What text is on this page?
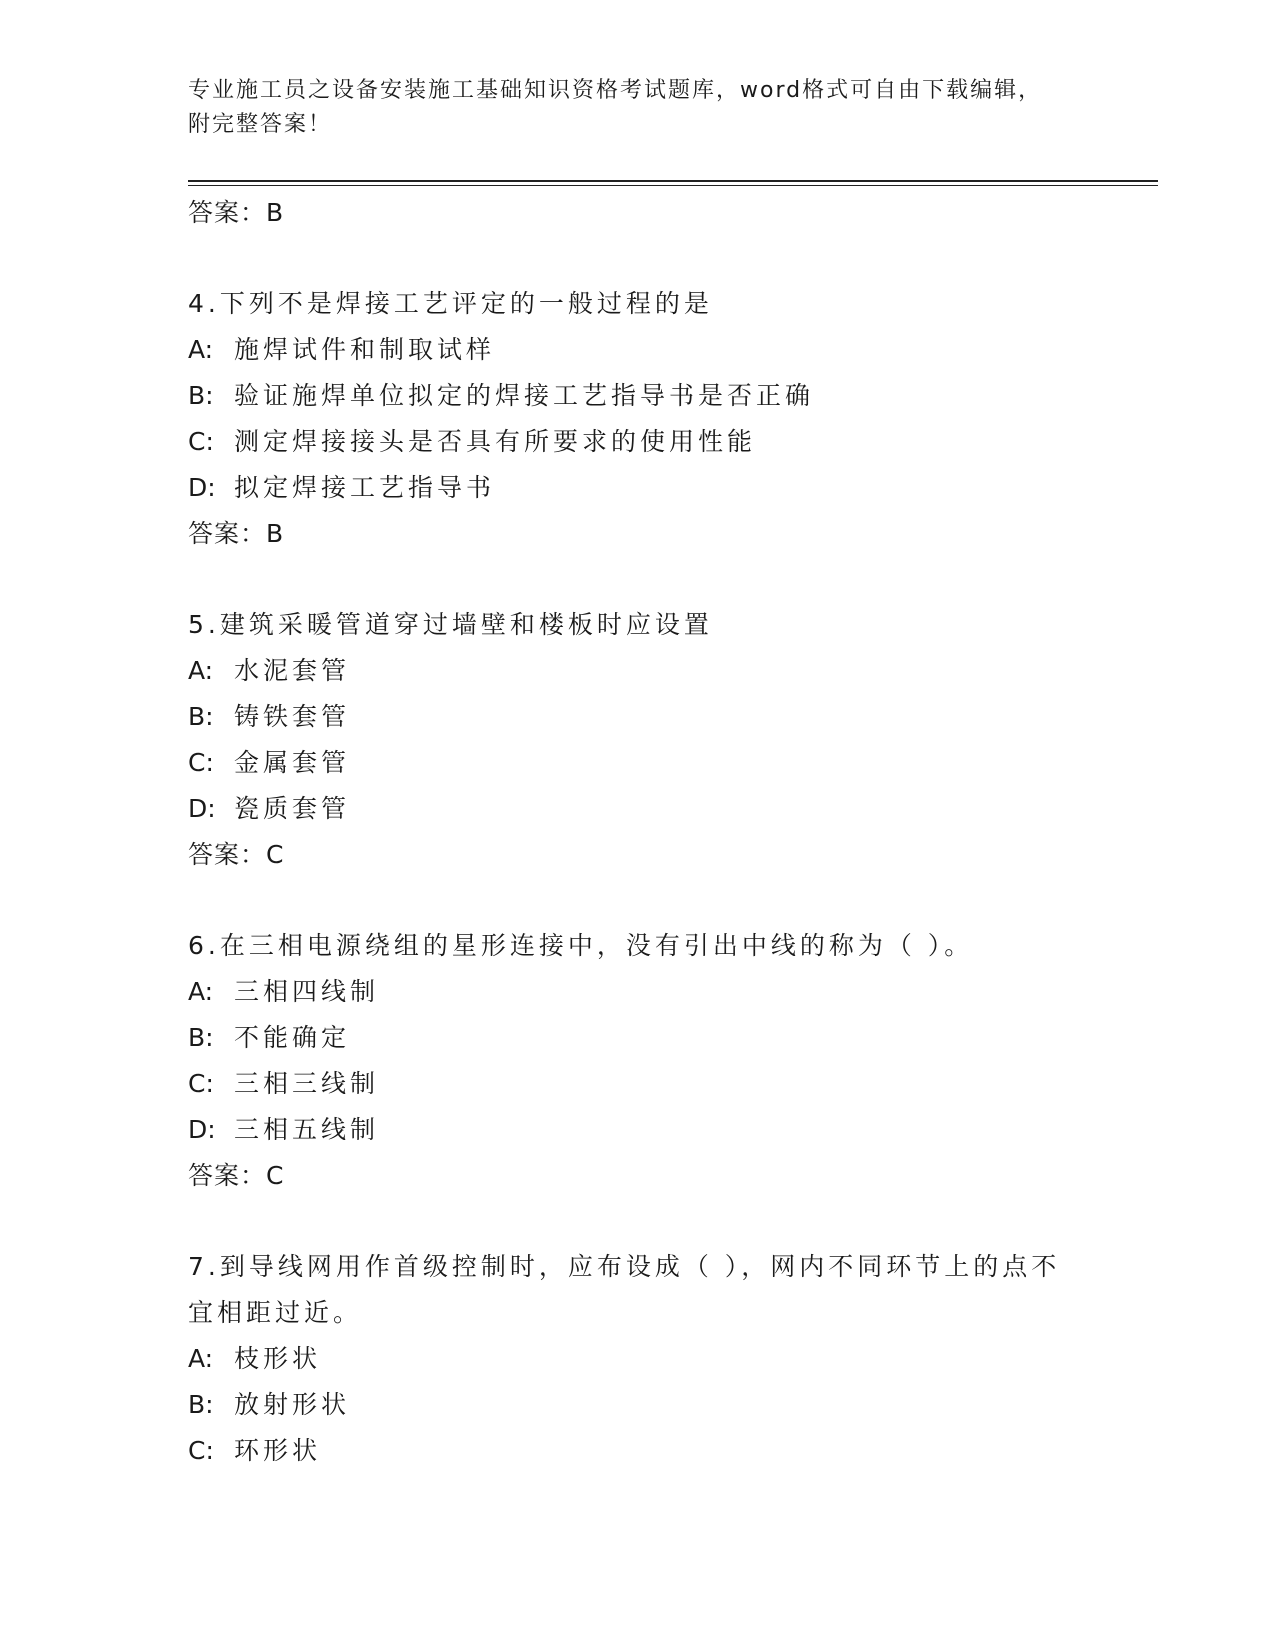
专业施工员之设备安装施工基础知识资格考试题库，word格式可自由下载编辑，
附完整答案！
答案：B
4.下列不是焊接工艺评定的一般过程的是
A: 施焊试件和制取试样
B: 验证施焊单位拟定的焊接工艺指导书是否正确
C: 测定焊接接头是否具有所要求的使用性能
D: 拟定焊接工艺指导书
答案：B
5.建筑采暖管道穿过墙壁和楼板时应设置
A: 水泥套管
B: 铸铁套管
C: 金属套管
D: 瓷质套管
答案：C
6.在三相电源绕组的星形连接中，没有引出中线的称为（ ）。
A: 三相四线制
B: 不能确定
C: 三相三线制
D: 三相五线制
答案：C
7.到导线网用作首级控制时，应布设成（ ），网内不同环节上的点不宜相距过近。
A: 枝形状
B: 放射形状
C: 环形状
